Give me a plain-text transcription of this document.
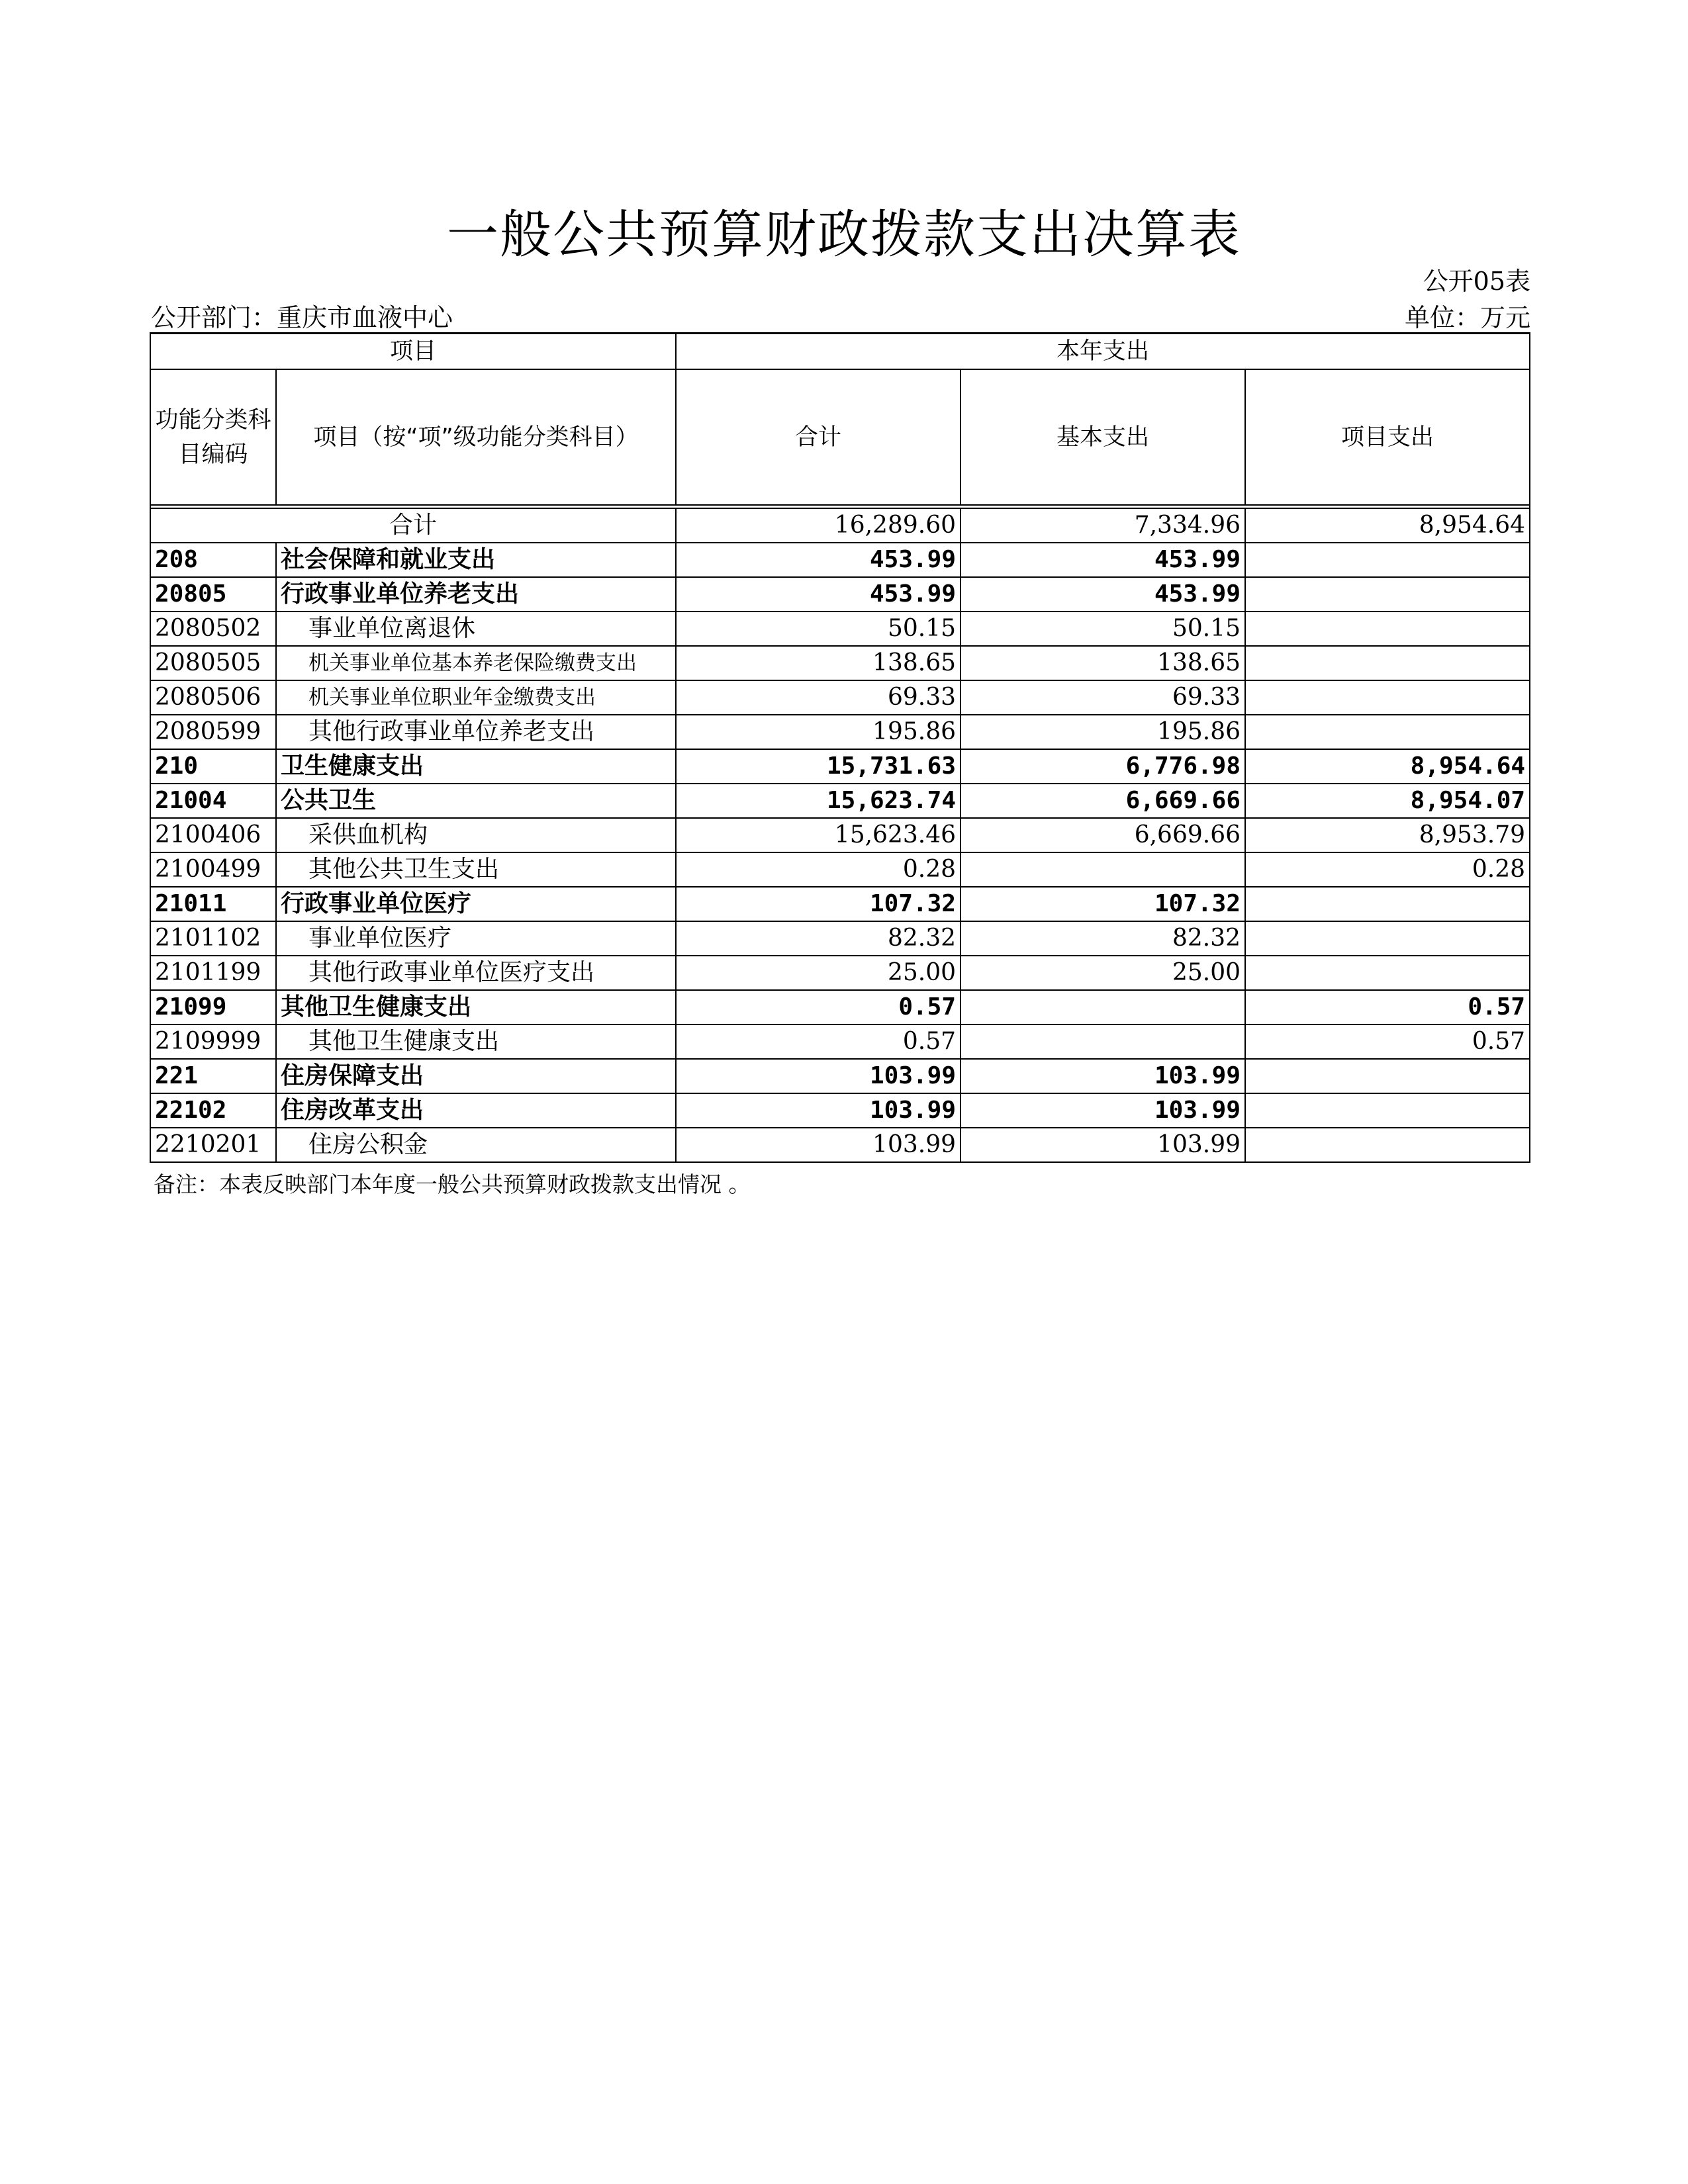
一般公共预算财政拨款支出决算表
公开05表
公开部门：重庆市血液中心	单位：万元
项目		本年支出		
功能分类科目编码	项目（按“项”级功能分类科目）	合计	基本支出	项目支出

合计		16,289.60	7,334.96	8,954.64
208	社会保障和就业支出	453.99	453.99	
20805	行政事业单位养老支出	453.99	453.99	
2080502	事业单位离退休	50.15	50.15	
2080505	机关事业单位基本养老保险缴费支出	138.65	138.65	
2080506	机关事业单位职业年金缴费支出	69.33	69.33	
2080599	其他行政事业单位养老支出	195.86	195.86	
210	卫生健康支出	15,731.63	6,776.98	8,954.64
21004	公共卫生	15,623.74	6,669.66	8,954.07
2100406	采供血机构	15,623.46	6,669.66	8,953.79
2100499	其他公共卫生支出	0.28		0.28
21011	行政事业单位医疗	107.32	107.32	
2101102	事业单位医疗	82.32	82.32	
2101199	其他行政事业单位医疗支出	25.00	25.00	
21099	其他卫生健康支出	0.57		0.57
2109999	其他卫生健康支出	0.57		0.57
221	住房保障支出	103.99	103.99	
22102	住房改革支出	103.99	103.99	
2210201	住房公积金	103.99	103.99	
备注：本表反映部门本年度一般公共预算财政拨款支出情况 。
